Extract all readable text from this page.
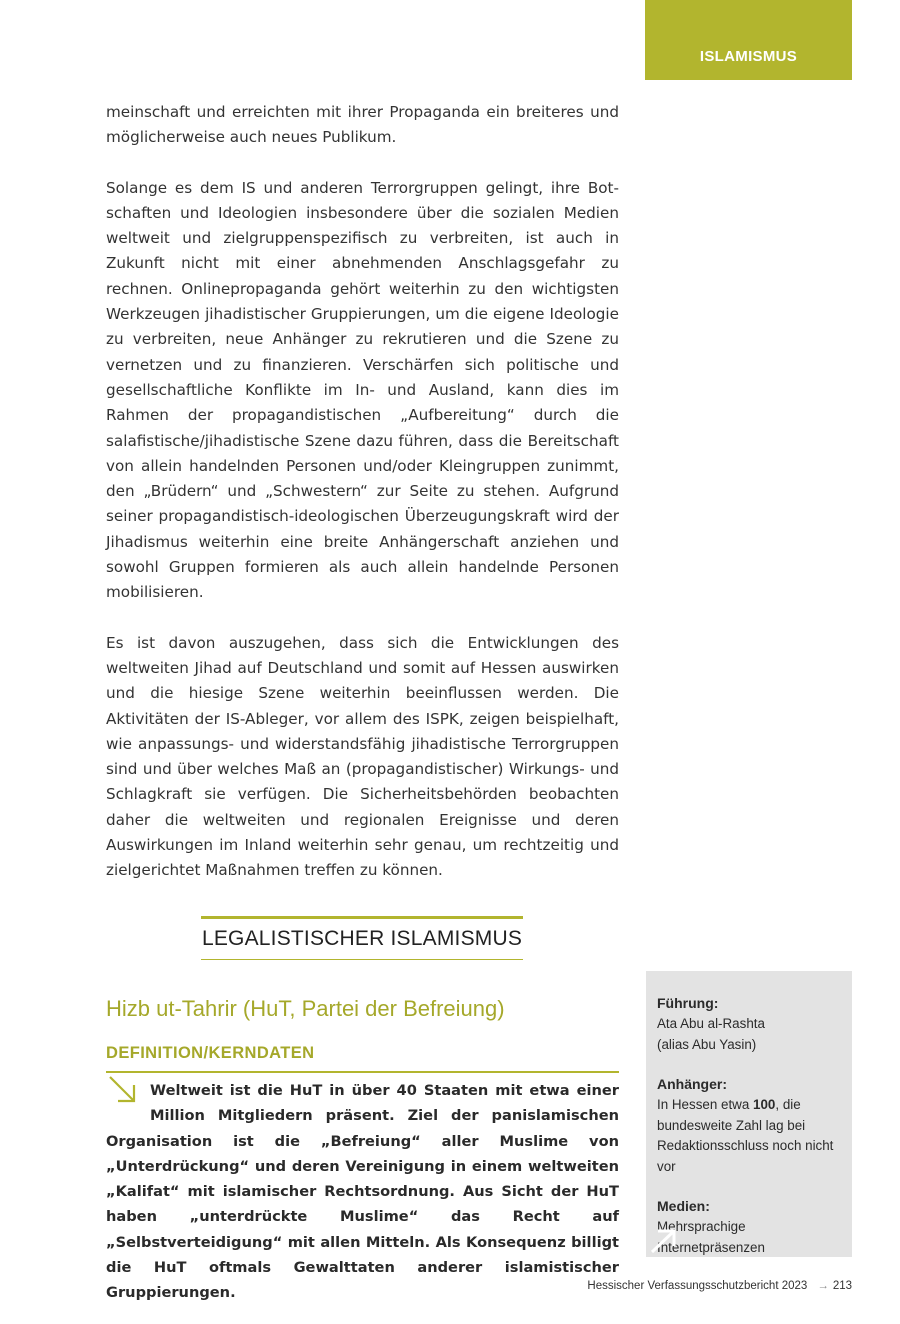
ISLAMISMUS

meinschaft und erreichten mit ihrer Propaganda ein breiteres und möglicherweise auch neues Publikum.

Solange es dem IS und anderen Terrorgruppen gelingt, ihre Botschaften und Ideologien insbesondere über die sozialen Medien weltweit und zielgruppenspezifisch zu verbreiten, ist auch in Zukunft nicht mit einer abnehmenden Anschlagsgefahr zu rechnen. Onlinepropaganda gehört weiterhin zu den wichtigsten Werkzeugen jihadistischer Gruppierungen, um die eigene Ideologie zu verbreiten, neue Anhänger zu rekrutieren und die Szene zu vernetzen und zu finanzieren. Verschärfen sich politische und gesellschaftliche Konflikte im In- und Ausland, kann dies im Rahmen der propagandistischen „Aufbereitung“ durch die salafistische/jihadistische Szene dazu führen, dass die Bereitschaft von allein handelnden Personen und/oder Kleingruppen zunimmt, den „Brüdern“ und „Schwestern“ zur Seite zu stehen. Aufgrund seiner propagandistisch-ideologischen Überzeugungskraft wird der Jihadismus weiterhin eine breite Anhängerschaft anziehen und sowohl Gruppen formieren als auch allein handelnde Personen mobilisieren.

Es ist davon auszugehen, dass sich die Entwicklungen des weltweiten Jihad auf Deutschland und somit auf Hessen auswirken und die hiesige Szene weiterhin beeinflussen werden. Die Aktivitäten der IS-Ableger, vor allem des ISPK, zeigen beispielhaft, wie anpassungs- und widerstandsfähig jihadistische Terrorgruppen sind und über welches Maß an (propagandistischer) Wirkungs- und Schlagkraft sie verfügen. Die Sicherheitsbehörden beobachten daher die weltweiten und regionalen Ereignisse und deren Auswirkungen im Inland weiterhin sehr genau, um rechtzeitig und zielgerichtet Maßnahmen treffen zu können.

LEGALISTISCHER ISLAMISMUS
Hizb ut-Tahrir (HuT, Partei der Befreiung)
DEFINITION/KERNDATEN
Weltweit ist die HuT in über 40 Staaten mit etwa einer Million Mitgliedern präsent. Ziel der panislamischen Organisation ist die „Befreiung“ aller Muslime von „Unterdrückung“ und deren Vereinigung in einem weltweiten „Kalifat“ mit islamischer Rechtsordnung. Aus Sicht der HuT haben „unterdrückte Muslime“ das Recht auf „Selbstverteidigung“ mit allen Mitteln. Als Konsequenz billigt die HuT oftmals Gewalttaten anderer islamistischer Gruppierungen.
Führung:
Ata Abu al-Rashta
(alias Abu Yasin)
Anhänger:
In Hessen etwa 100, die bundesweite Zahl lag bei Redaktionsschluss noch nicht vor
Medien:
Mehrsprachige Internetpräsenzen
Hessischer Verfassungsschutzbericht 2023 → 213
